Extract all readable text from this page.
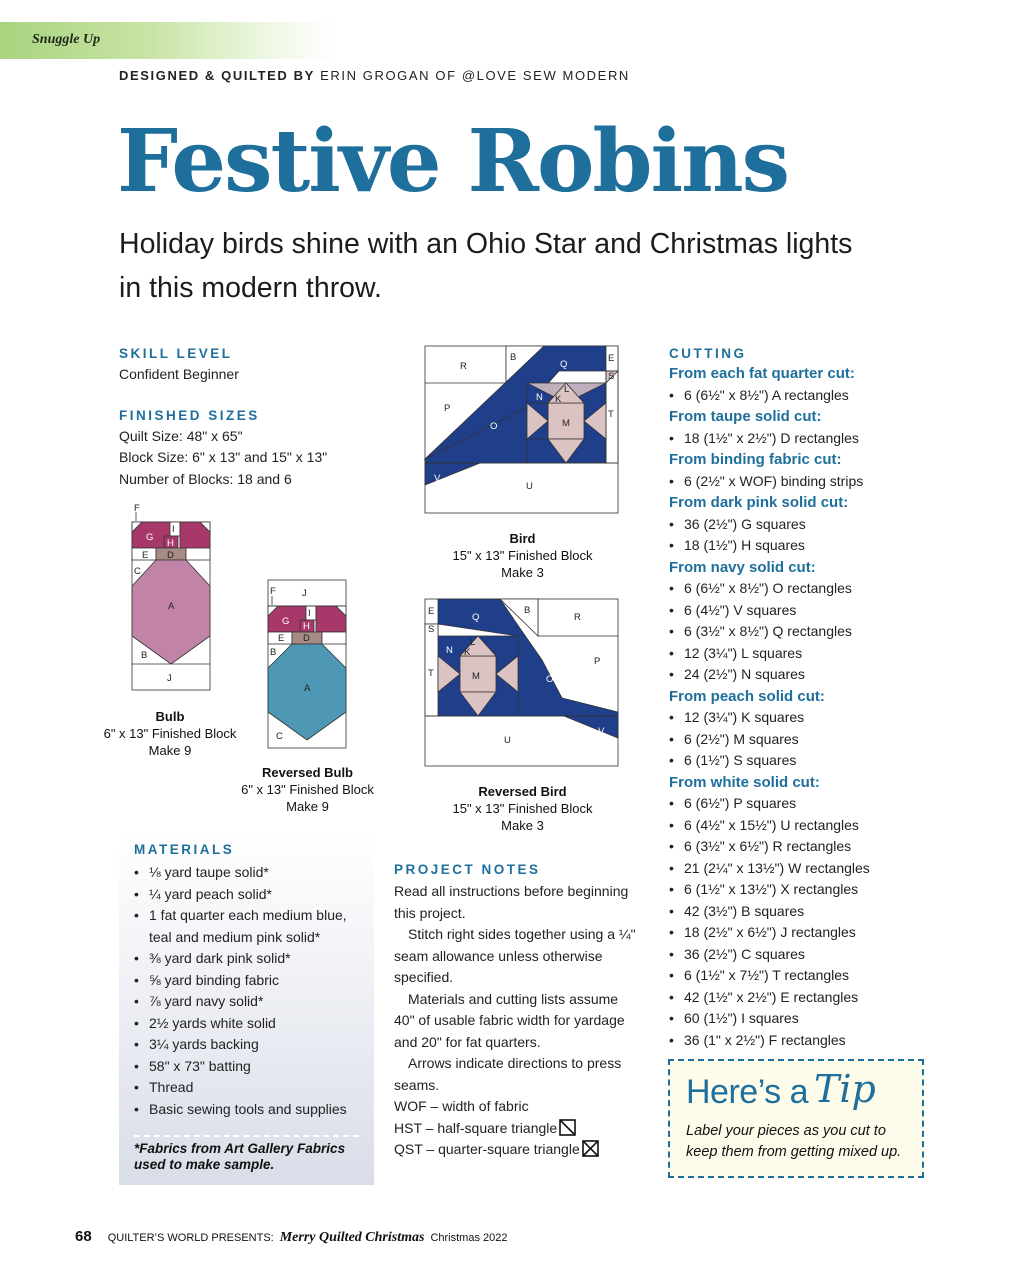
Snuggle Up
DESIGNED & QUILTED BY ERIN GROGAN OF @LOVE SEW MODERN
Festive Robins
Holiday birds shine with an Ohio Star and Christmas lights in this modern throw.
SKILL LEVEL
Confident Beginner
FINISHED SIZES
Quilt Size: 48" x 65"
Block Size: 6" x 13" and 15" x 13"
Number of Blocks: 18 and 6
F
G
H
I
E D
C
A
B
J
Bulb
6" x 13" Finished Block
Make 9
F	J
G H
I
E D
B
A
C
Reversed Bulb
6" x 13" Finished Block
Make 9
R
B
Q
O
N
V
E
S
T
L
K
M
P
U
Bird
15" x 13" Finished Block
Make 3
E
S
T
B
R
Q
N
O
V
L
K
M
P
U
Reversed Bird
15" x 13" Finished Block
Make 3
MATERIALS
• ⅛ yard taupe solid*
• ¼ yard peach solid*
• 1 fat quarter each medium blue, teal and medium pink solid*
• ⅜ yard dark pink solid*
• ⅝ yard binding fabric
• ⅞ yard navy solid*
• 2½ yards white solid
• 3¼ yards backing
• 58" x 73" batting
• Thread
• Basic sewing tools and supplies
*Fabrics from Art Gallery Fabrics used to make sample.
PROJECT NOTES

Read all instructions before beginning this project.

Stitch right sides together using a ¼" seam allowance unless otherwise specified.

Materials and cutting lists assume 40" of usable fabric width for yardage and 20" for fat quarters.

Arrows indicate directions to press seams.

WOF – width of fabric

HST – half-square triangle

QST – quarter-square triangle

CUTTING
From each fat quarter cut:
• 6 (6½" x 8½") A rectangles
From taupe solid cut:
• 18 (1½" x 2½") D rectangles
From binding fabric cut:
• 6 (2½" x WOF) binding strips
From dark pink solid cut:
• 36 (2½") G squares
• 18 (1½") H squares
From navy solid cut:
• 6 (6½" x 8½") O rectangles
• 6 (4½") V squares
• 6 (3½" x 8½") Q rectangles
• 12 (3¼") L squares
• 24 (2½") N squares
From peach solid cut:
• 12 (3¼") K squares
• 6 (2½") M squares
• 6 (1½") S squares
From white solid cut:
• 6 (6½") P squares
• 6 (4½" x 15½") U rectangles
• 6 (3½" x 6½") R rectangles
• 21 (2¼" x 13½") W rectangles
• 6 (1½" x 13½") X rectangles
• 42 (3½") B squares
• 18 (2½" x 6½") J rectangles
• 36 (2½") C squares
• 6 (1½" x 7½") T rectangles
• 42 (1½" x 2½") E rectangles
• 60 (1½") I squares
• 36 (1" x 2½") F rectangles
Here’s a Tip
Label your pieces as you cut to keep them from getting mixed up.
68 QUILTER’S WORLD PRESENTS: Merry Quilted Christmas Christmas 2022
